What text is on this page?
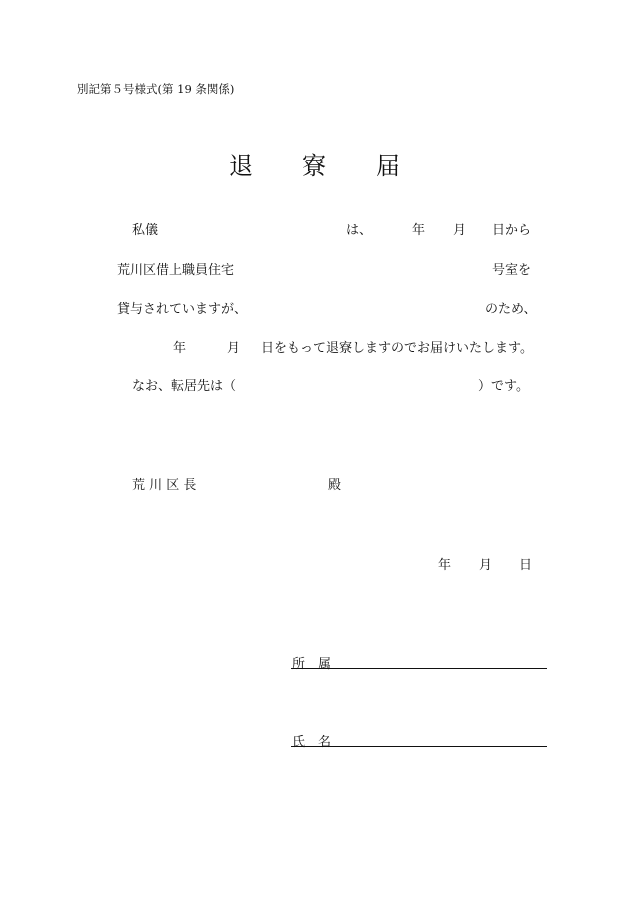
別記第５号様式(第 19 条関係)
退 寮 届
私儀	は、	年 月 日から
荒川区借上職員住宅	号室を
貸与されていますが、	のため、
年	月 日をもって退寮しますのでお届けいたします。
なお、転居先は（	）です。
荒 川 区 長	殿
年 月 日
所　属
氏　名
